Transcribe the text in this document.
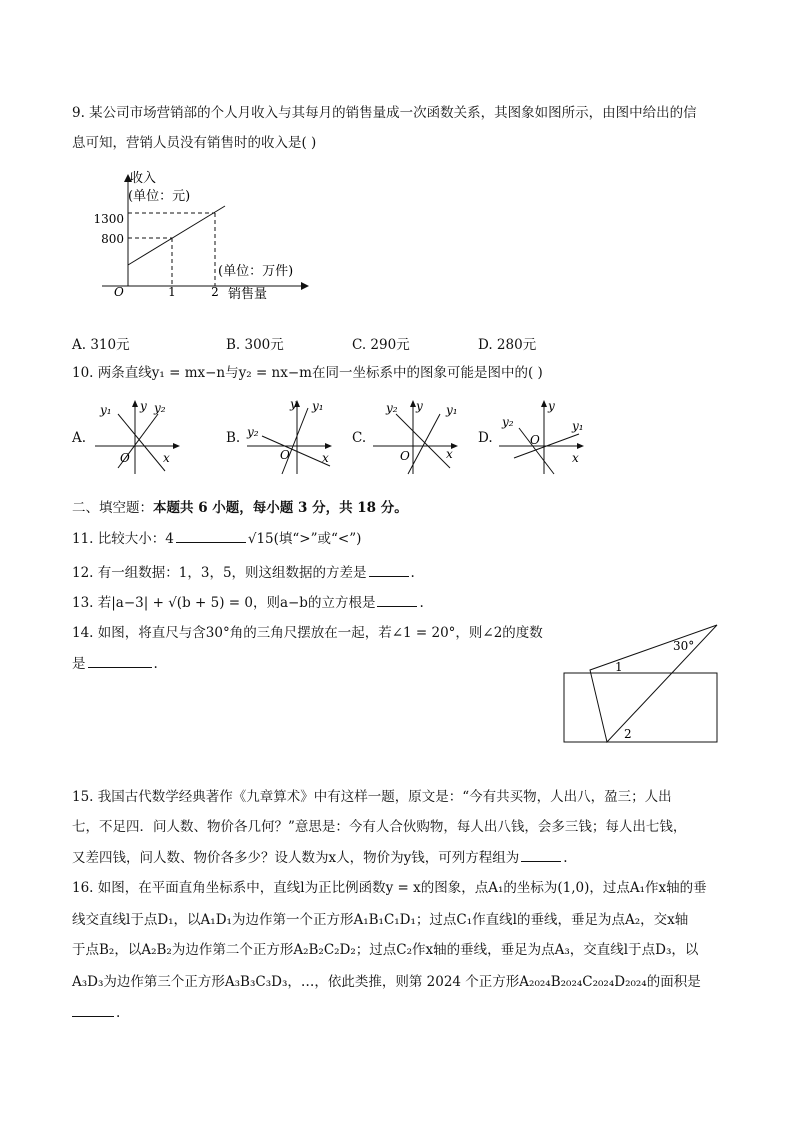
9. 某公司市场营销部的个人月收入与其每月的销售量成一次函数关系，其图象如图所示，由图中给出的信
息可知，营销人员没有销售时的收入是( )
收入
(单位：元)
1300
800
1	2
O
(单位：万件)
销售量
A. 310元	B. 300元	C. 290元	D. 280元
10. 两条直线y₁ = mx−n与y₂ = nx−m在同一坐标系中的图象可能是图中的( )
A.
y₁ y y₂
O	x
B.
y y₁
y₂
O	x
C.
y₂ y y₁
O	x
D.
y₂
y
y₁
O
x
二、填空题：本题共 6 小题，每小题 3 分，共 18 分。
11. 比较大小：4	√15(填“>”或“<”)
12. 有一组数据：1，3，5，则这组数据的方差是	.
13. 若|a−3| + √(b + 5) = 0，则a−b的立方根是	.
14. 如图，将直尺与含30°角的三角尺摆放在一起，若∠1 = 20°，则∠2的度数
是	.
30°
1
2
15. 我国古代数学经典著作《九章算术》中有这样一题，原文是：“今有共买物，人出八，盈三；人出
七，不足四．问人数、物价各几何？”意思是：今有人合伙购物，每人出八钱，会多三钱；每人出七钱，
又差四钱，问人数、物价各多少？设人数为x人，物价为y钱，可列方程组为	.
16. 如图，在平面直角坐标系中，直线l为正比例函数y = x的图象，点A₁的坐标为(1,0)，过点A₁作x轴的垂
线交直线l于点D₁，以A₁D₁为边作第一个正方形A₁B₁C₁D₁；过点C₁作直线l的垂线，垂足为点A₂，交x轴
于点B₂，以A₂B₂为边作第二个正方形A₂B₂C₂D₂；过点C₂作x轴的垂线，垂足为点A₃，交直线l于点D₃，以
A₃D₃为边作第三个正方形A₃B₃C₃D₃，…，依此类推，则第 2024 个正方形A₂₀₂₄B₂₀₂₄C₂₀₂₄D₂₀₂₄的面积是
.
